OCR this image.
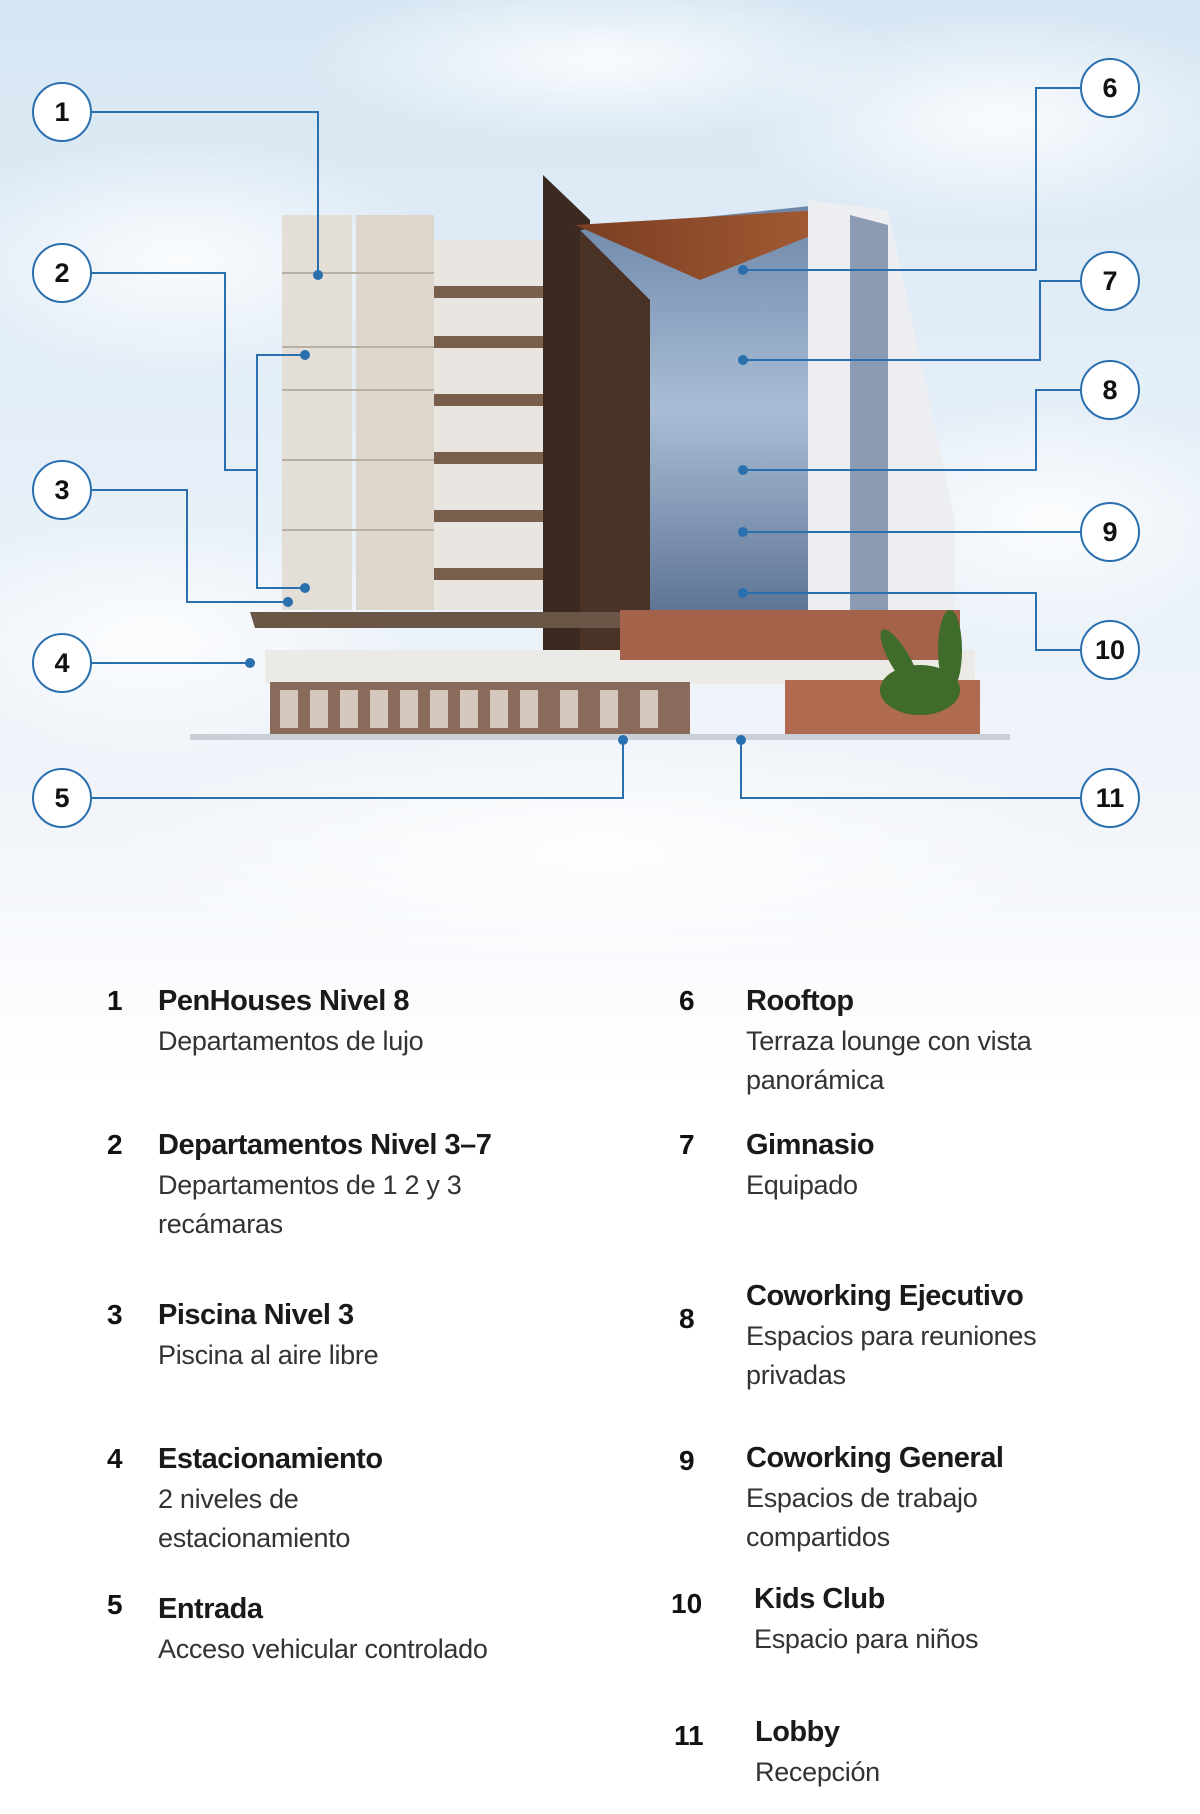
1
2
3
4
5
6
7
8
9
10
11
1 PenHouses Nivel 8
Departamentos de lujo
2 Departamentos Nivel 3–7
Departamentos de 1 2 y 3 recámaras
3 Piscina Nivel 3
Piscina al aire libre
4 Estacionamiento
2 niveles de estacionamiento
5 Entrada
Acceso vehicular controlado
6 Rooftop
Terraza lounge con vista panorámica
7 Gimnasio
Equipado
8
Coworking Ejecutivo
Espacios para reuniones privadas
9 Coworking General
Espacios de trabajo compartidos
10 Kids Club
Espacio para niños
11 Lobby
Recepción
